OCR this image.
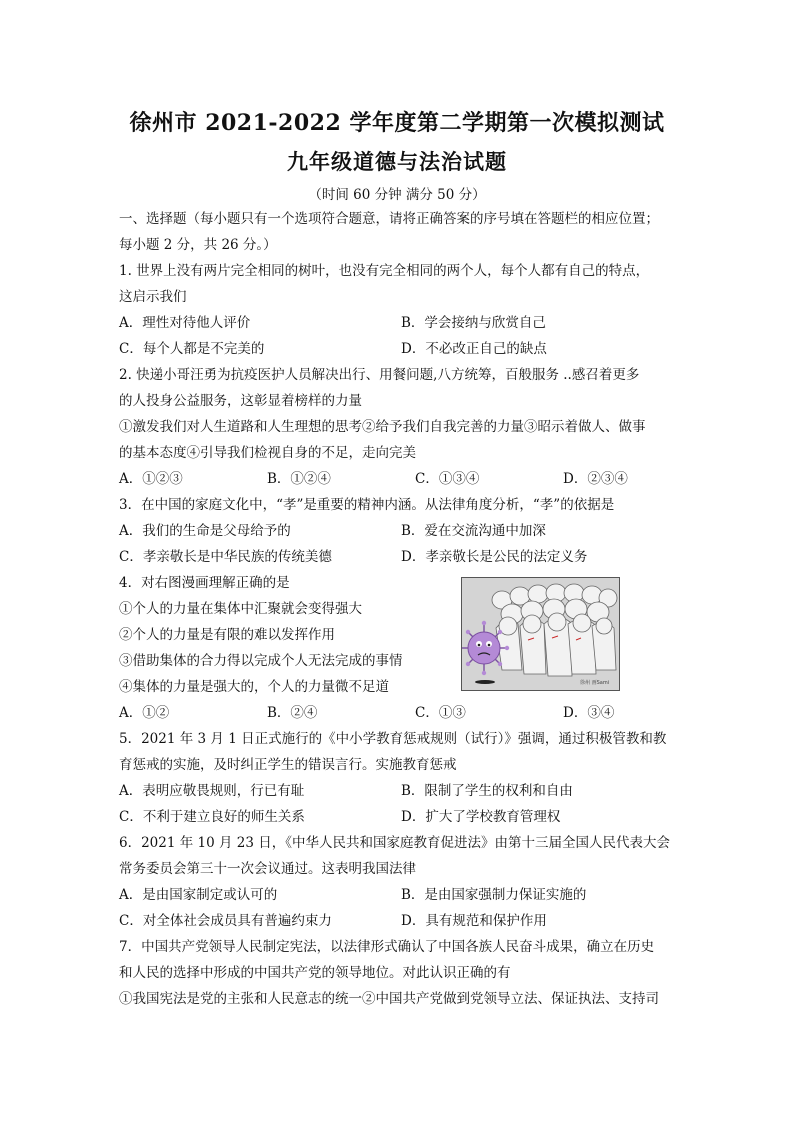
徐州市 2021-2022 学年度第二学期第一次模拟测试
九年级道德与法治试题
（时间 60 分钟 满分 50 分）
一、选择题（每小题只有一个选项符合题意，请将正确答案的序号填在答题栏的相应位置；
每小题 2 分，共 26 分。）
1. 世界上没有两片完全相同的树叶，也没有完全相同的两个人，每个人都有自己的特点，
这启示我们
A．理性对待他人评价	B．学会接纳与欣赏自己
C．每个人都是不完美的	D．不必改正自己的缺点
2. 快递小哥汪勇为抗疫医护人员解决出行、用餐问题,八方统筹，百般服务 ..感召着更多
的人投身公益服务，这彰显着榜样的力量
①激发我们对人生道路和人生理想的思考②给予我们自我完善的力量③昭示着做人、做事
的基本态度④引导我们检视自身的不足，走向完美
A．①②③	B．①②④	C．①③④	D．②③④
3．在中国的家庭文化中，“孝”是重要的精神内涵。从法律角度分析，“孝”的依据是
A．我们的生命是父母给予的	B．爱在交流沟通中加深
C．孝亲敬长是中华民族的传统美德	D．孝亲敬长是公民的法定义务
4．对右图漫画理解正确的是
①个人的力量在集体中汇聚就会变得强大
②个人的力量是有限的难以发挥作用
③借助集体的合力得以完成个人无法完成的事情
④集体的力量是强大的，个人的力量微不足道
A．①②	B．②④	C．①③	D．③④
5．2021 年 3 月 1 日正式施行的《中小学教育惩戒规则（试行）》强调，通过积极管教和教
育惩戒的实施，及时纠正学生的错误言行。实施教育惩戒
A．表明应敬畏规则，行已有耻	B．限制了学生的权利和自由
C．不利于建立良好的师生关系	D．扩大了学校教育管理权
6．2021 年 10 月 23 日，《中华人民共和国家庭教育促进法》由第十三届全国人民代表大会
常务委员会第三十一次会议通过。这表明我国法律
A．是由国家制定或认可的	B．是由国家强制力保证实施的
C．对全体社会成员具有普遍约束力	D．具有规范和保护作用
7．中国共产党领导人民制定宪法，以法律形式确认了中国各族人民奋斗成果，确立在历史
和人民的选择中形成的中国共产党的领导地位。对此认识正确的有
①我国宪法是党的主张和人民意志的统一②中国共产党做到党领导立法、保证执法、支持司
徐州 画Sami
